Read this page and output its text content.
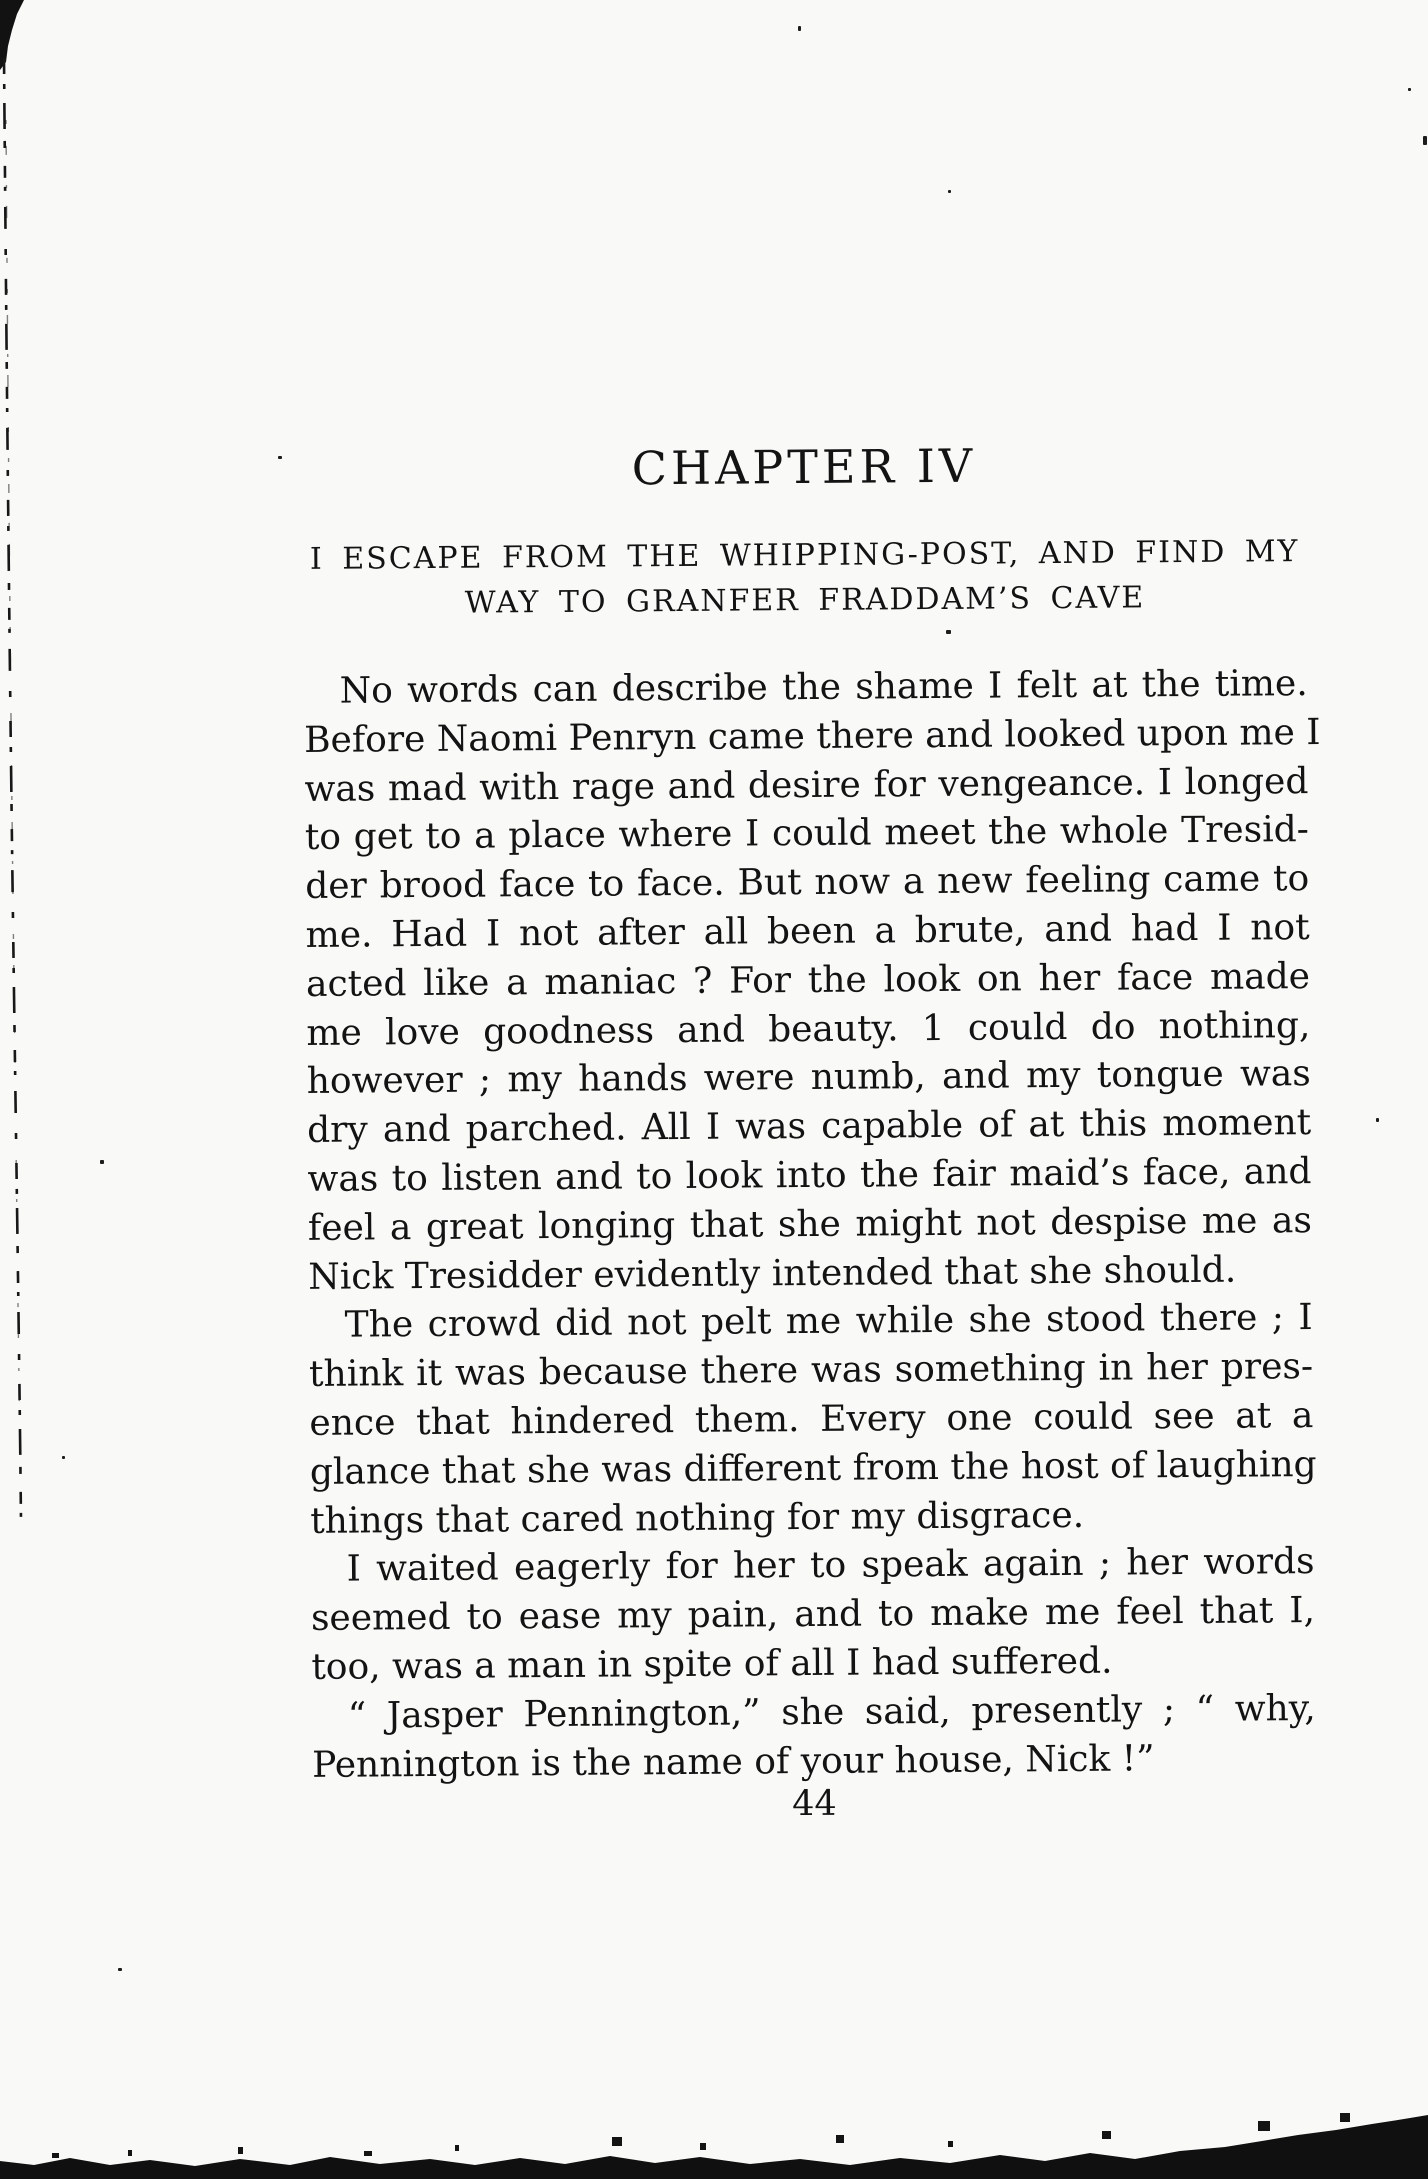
CHAPTER IV
I ESCAPE FROM THE WHIPPING-POST, AND FIND MY
WAY TO GRANFER FRADDAM’S CAVE
No words can describe the shame I felt at the time.
Before Naomi Penryn came there and looked upon me I
was mad with rage and desire for vengeance. I longed
to get to a place where I could meet the whole Tresid-
der brood face to face. But now a new feeling came to
me. Had I not after all been a brute, and had I not
acted like a maniac ? For the look on her face made
me love goodness and beauty. 1 could do nothing,
however ; my hands were numb, and my tongue was
dry and parched. All I was capable of at this moment
was to listen and to look into the fair maid’s face, and
feel a great longing that she might not despise me as
Nick Tresidder evidently intended that she should.
The crowd did not pelt me while she stood there ; I
think it was because there was something in her pres-
ence that hindered them. Every one could see at a
glance that she was different from the host of laughing
things that cared nothing for my disgrace.
I waited eagerly for her to speak again ; her words
seemed to ease my pain, and to make me feel that I,
too, was a man in spite of all I had suffered.
“ Jasper Pennington,” she said, presently ; “ why,
Pennington is the name of your house, Nick !”
44
